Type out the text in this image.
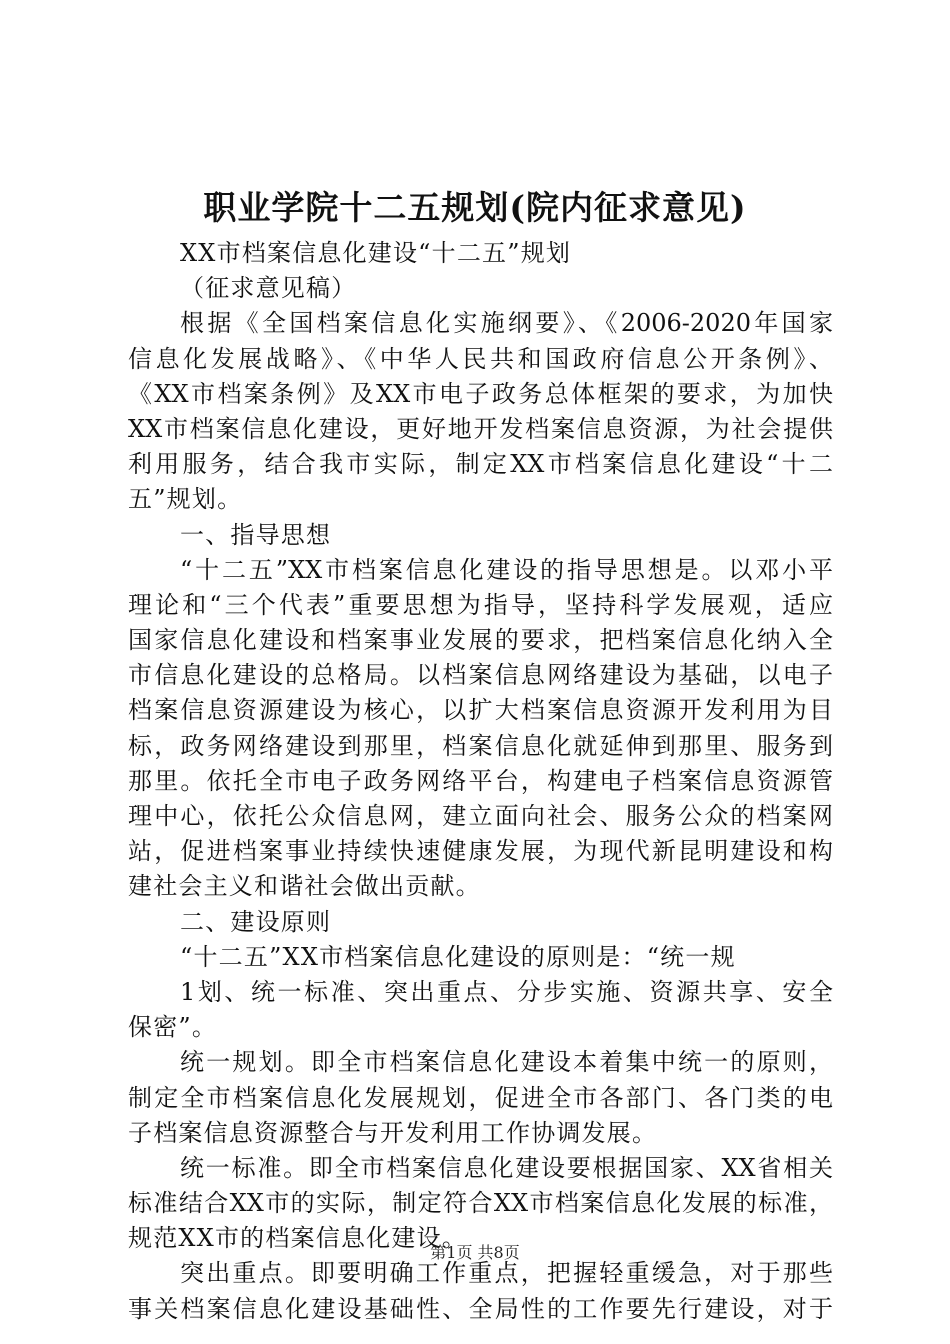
职业学院十二五规划(院内征求意见)
XX市档案信息化建设“十二五”规划
（征求意见稿）
根据《全国档案信息化实施纲要》、《2006-2020年国家
信息化发展战略》、《中华人民共和国政府信息公开条例》、
《XX市档案条例》及XX市电子政务总体框架的要求，为加快
XX市档案信息化建设，更好地开发档案信息资源，为社会提供
利用服务，结合我市实际，制定XX市档案信息化建设“十二
五”规划。
一、指导思想
“十二五”XX市档案信息化建设的指导思想是。以邓小平
理论和“三个代表”重要思想为指导，坚持科学发展观，适应
国家信息化建设和档案事业发展的要求，把档案信息化纳入全
市信息化建设的总格局。以档案信息网络建设为基础，以电子
档案信息资源建设为核心，以扩大档案信息资源开发利用为目
标，政务网络建设到那里，档案信息化就延伸到那里、服务到
那里。依托全市电子政务网络平台，构建电子档案信息资源管
理中心，依托公众信息网，建立面向社会、服务公众的档案网
站，促进档案事业持续快速健康发展，为现代新昆明建设和构
建社会主义和谐社会做出贡献。
二、建设原则
“十二五”XX市档案信息化建设的原则是：“统一规
1划、统一标准、突出重点、分步实施、资源共享、安全
保密”。
统一规划。即全市档案信息化建设本着集中统一的原则，
制定全市档案信息化发展规划，促进全市各部门、各门类的电
子档案信息资源整合与开发利用工作协调发展。
统一标准。即全市档案信息化建设要根据国家、XX省相关
标准结合XX市的实际，制定符合XX市档案信息化发展的标准，
规范XX市的档案信息化建设。
突出重点。即要明确工作重点，把握轻重缓急，对于那些
事关档案信息化建设基础性、全局性的工作要先行建设，对于
第1页 共8页
